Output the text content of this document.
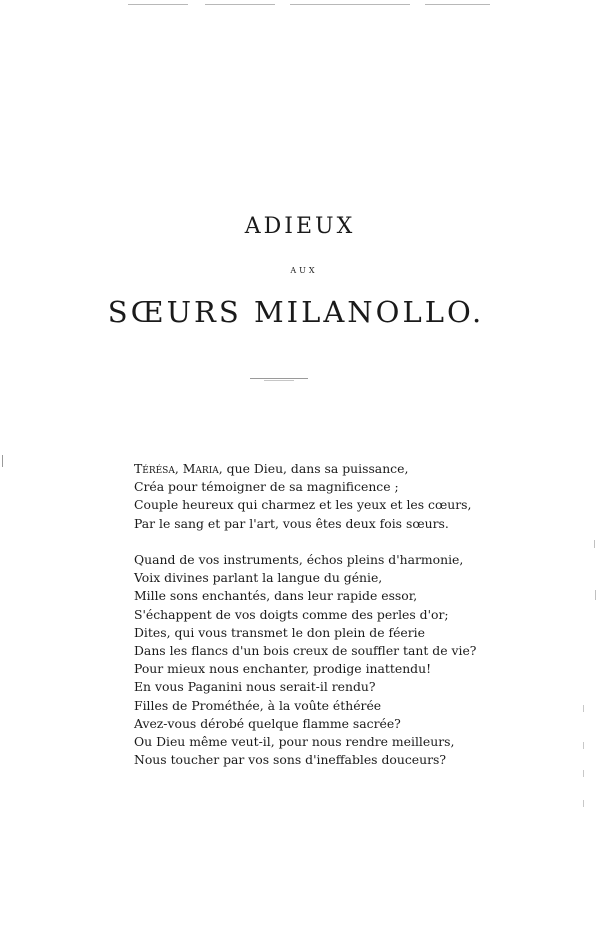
ADIEUX
AUX
SŒURS MILANOLLO.
Térésa, Maria, que Dieu, dans sa puissance,
Créa pour témoigner de sa magnificence ;
Couple heureux qui charmez et les yeux et les cœurs,
Par le sang et par l'art, vous êtes deux fois sœurs.
Quand de vos instruments, échos pleins d'harmonie,
Voix divines parlant la langue du génie,
Mille sons enchantés, dans leur rapide essor,
S'échappent de vos doigts comme des perles d'or;
Dites, qui vous transmet le don plein de féerie
Dans les flancs d'un bois creux de souffler tant de vie?
Pour mieux nous enchanter, prodige inattendu!
En vous Paganini nous serait-il rendu?
Filles de Prométhée, à la voûte éthérée
Avez-vous dérobé quelque flamme sacrée?
Ou Dieu même veut-il, pour nous rendre meilleurs,
Nous toucher par vos sons d'ineffables douceurs?
